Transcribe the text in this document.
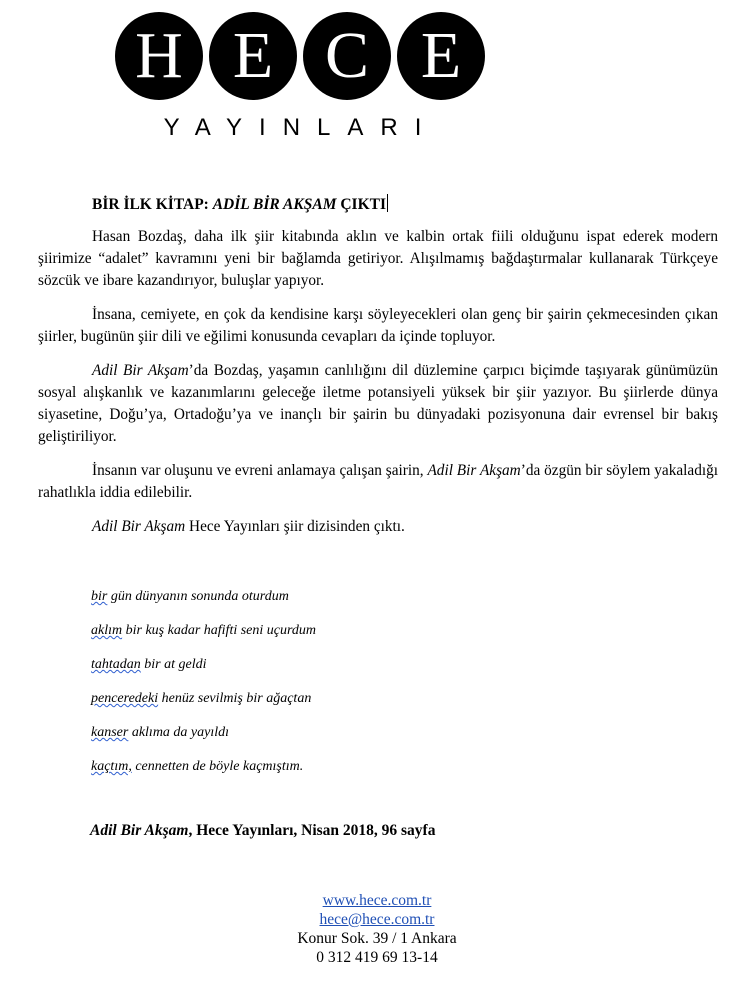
H E C E
YAYINLARI
BİR İLK KİTAP: ADİL BİR AKŞAM ÇIKTI

Hasan Bozdaş, daha ilk şiir kitabında aklın ve kalbin ortak fiili olduğunu ispat ederek modern şiirimize “adalet” kavramını yeni bir bağlamda getiriyor. Alışılmamış bağdaştırmalar kullanarak Türkçeye sözcük ve ibare kazandırıyor, buluşlar yapıyor.

İnsana, cemiyete, en çok da kendisine karşı söyleyecekleri olan genç bir şairin çekmecesinden çıkan şiirler, bugünün şiir dili ve eğilimi konusunda cevapları da içinde topluyor.

Adil Bir Akşam’da Bozdaş, yaşamın canlılığını dil düzlemine çarpıcı biçimde taşıyarak günümüzün sosyal alışkanlık ve kazanımlarını geleceğe iletme potansiyeli yüksek bir şiir yazıyor. Bu şiirlerde dünya siyasetine, Doğu’ya, Ortadoğu’ya ve inançlı bir şairin bu dünyadaki pozisyonuna dair evrensel bir bakış geliştiriliyor.

İnsanın var oluşunu ve evreni anlamaya çalışan şairin, Adil Bir Akşam’da özgün bir söylem yakaladığı rahatlıkla iddia edilebilir.

Adil Bir Akşam Hece Yayınları şiir dizisinden çıktı.

bir gün dünyanın sonunda oturdum
aklım bir kuş kadar hafifti seni uçurdum
tahtadan bir at geldi
penceredeki henüz sevilmiş bir ağaçtan
kanser aklıma da yayıldı
kaçtım, cennetten de böyle kaçmıştım.
Adil Bir Akşam, Hece Yayınları, Nisan 2018, 96 sayfa
www.hece.com.tr
hece@hece.com.tr
Konur Sok. 39 / 1 Ankara
0 312 419 69 13-14
